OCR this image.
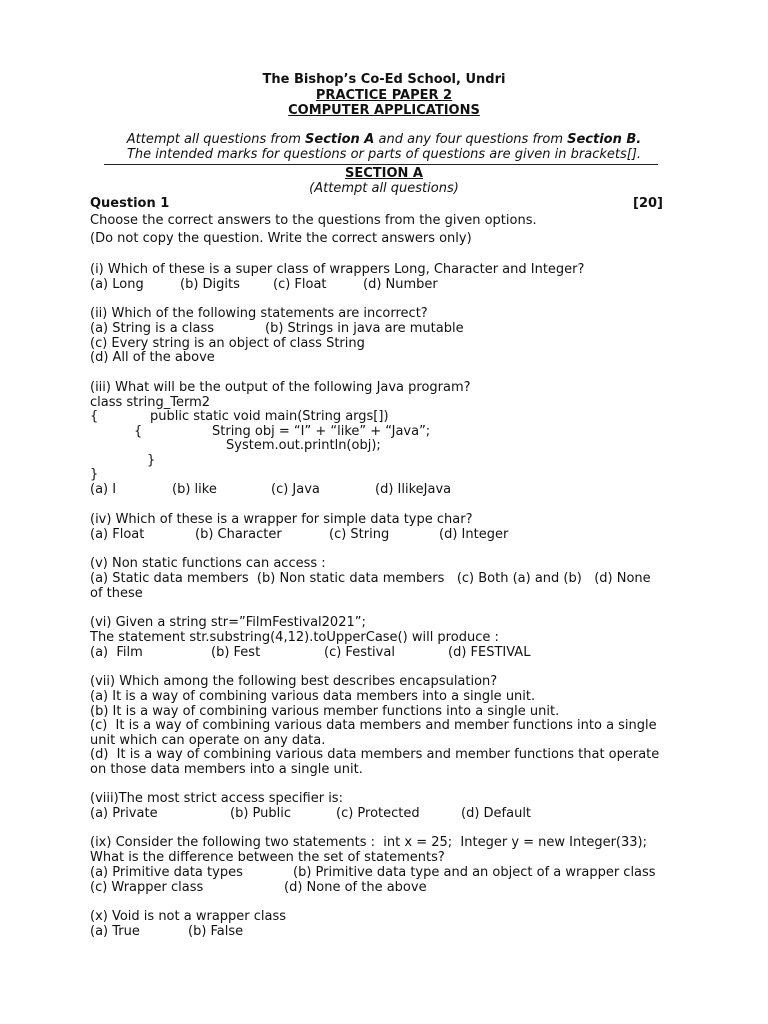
The Bishop’s Co-Ed School, Undri
PRACTICE PAPER 2
COMPUTER APPLICATIONS
Attempt all questions from Section A and any four questions from Section B.
The intended marks for questions or parts of questions are given in brackets[].
SECTION A
(Attempt all questions)
Question 1	[20]
Choose the correct answers to the questions from the given options.
(Do not copy the question. Write the correct answers only)
(i) Which of these is a super class of wrappers Long, Character and Integer?
(a) Long	(b) Digits	(c) Float	(d) Number
(ii) Which of the following statements are incorrect?
(a) String is a class	(b) Strings in java are mutable
(c) Every string is an object of class String
(d) All of the above
(iii) What will be the output of the following Java program?
class string_Term2
{	public static void main(String args[])
{	String obj = “I” + “like” + “Java”;
System.out.println(obj);
}
}
(a) I	(b) like	(c) Java	(d) IlikeJava
(iv) Which of these is a wrapper for simple data type char?
(a) Float	(b) Character	(c) String	(d) Integer
(v) Non static functions can access :
(a) Static data members  (b) Non static data members   (c) Both (a) and (b)   (d) None
of these
(vi) Given a string str=”FilmFestival2021”;
The statement str.substring(4,12).toUpperCase() will produce :
(a)  Film	(b) Fest	(c) Festival	(d) FESTIVAL
(vii) Which among the following best describes encapsulation?
(a) It is a way of combining various data members into a single unit.
(b) It is a way of combining various member functions into a single unit.
(c)  It is a way of combining various data members and member functions into a single
unit which can operate on any data.
(d)  It is a way of combining various data members and member functions that operate
on those data members into a single unit.
(viii)The most strict access specifier is:
(a) Private	(b) Public	(c) Protected	(d) Default
(ix) Consider the following two statements :  int x = 25;  Integer y = new Integer(33);
What is the difference between the set of statements?
(a) Primitive data types	(b) Primitive data type and an object of a wrapper class
(c) Wrapper class	(d) None of the above
(x) Void is not a wrapper class
(a) True	(b) False
